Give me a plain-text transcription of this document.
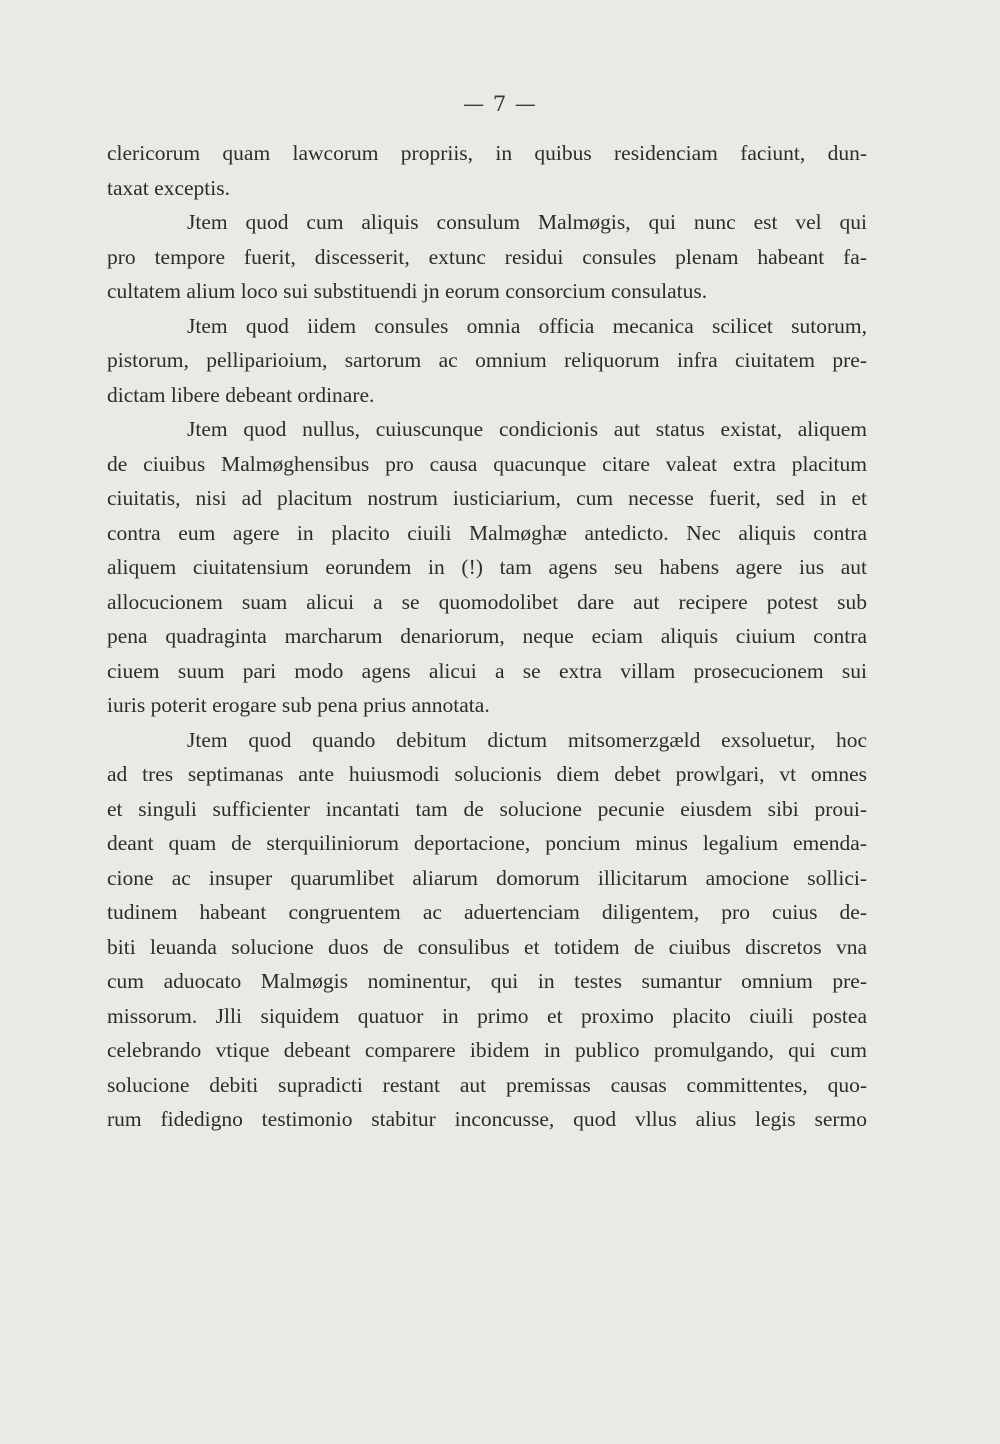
— 7 —
clericorum quam lawcorum propriis, in quibus residenciam faciunt, dun-
taxat exceptis.
Jtem quod cum aliquis consulum Malmøgis, qui nunc est vel qui
pro tempore fuerit, discesserit, extunc residui consules plenam habeant fa-
cultatem alium loco sui substituendi jn eorum consorcium consulatus.
Jtem quod iidem consules omnia officia mecanica scilicet sutorum,
pistorum, pelliparioium, sartorum ac omnium reliquorum infra ciuitatem pre-
dictam libere debeant ordinare.
Jtem quod nullus, cuiuscunque condicionis aut status existat, aliquem
de ciuibus Malmøghensibus pro causa quacunque citare valeat extra placitum
ciuitatis, nisi ad placitum nostrum iusticiarium, cum necesse fuerit, sed in et
contra eum agere in placito ciuili Malmøghæ antedicto. Nec aliquis contra
aliquem ciuitatensium eorundem in (!) tam agens seu habens agere ius aut
allocucionem suam alicui a se quomodolibet dare aut recipere potest sub
pena quadraginta marcharum denariorum, neque eciam aliquis ciuium contra
ciuem suum pari modo agens alicui a se extra villam prosecucionem sui
iuris poterit erogare sub pena prius annotata.
Jtem quod quando debitum dictum mitsomerzgæld exsoluetur, hoc
ad tres septimanas ante huiusmodi solucionis diem debet prowlgari, vt omnes
et singuli sufficienter incantati tam de solucione pecunie eiusdem sibi proui-
deant quam de sterquiliniorum deportacione, poncium minus legalium emenda-
cione ac insuper quarumlibet aliarum domorum illicitarum amocione sollici-
tudinem habeant congruentem ac aduertenciam diligentem, pro cuius de-
biti leuanda solucione duos de consulibus et totidem de ciuibus discretos vna
cum aduocato Malmøgis nominentur, qui in testes sumantur omnium pre-
missorum. Jlli siquidem quatuor in primo et proximo placito ciuili postea
celebrando vtique debeant comparere ibidem in publico promulgando, qui cum
solucione debiti supradicti restant aut premissas causas committentes, quo-
rum fidedigno testimonio stabitur inconcusse, quod vllus alius legis sermo
